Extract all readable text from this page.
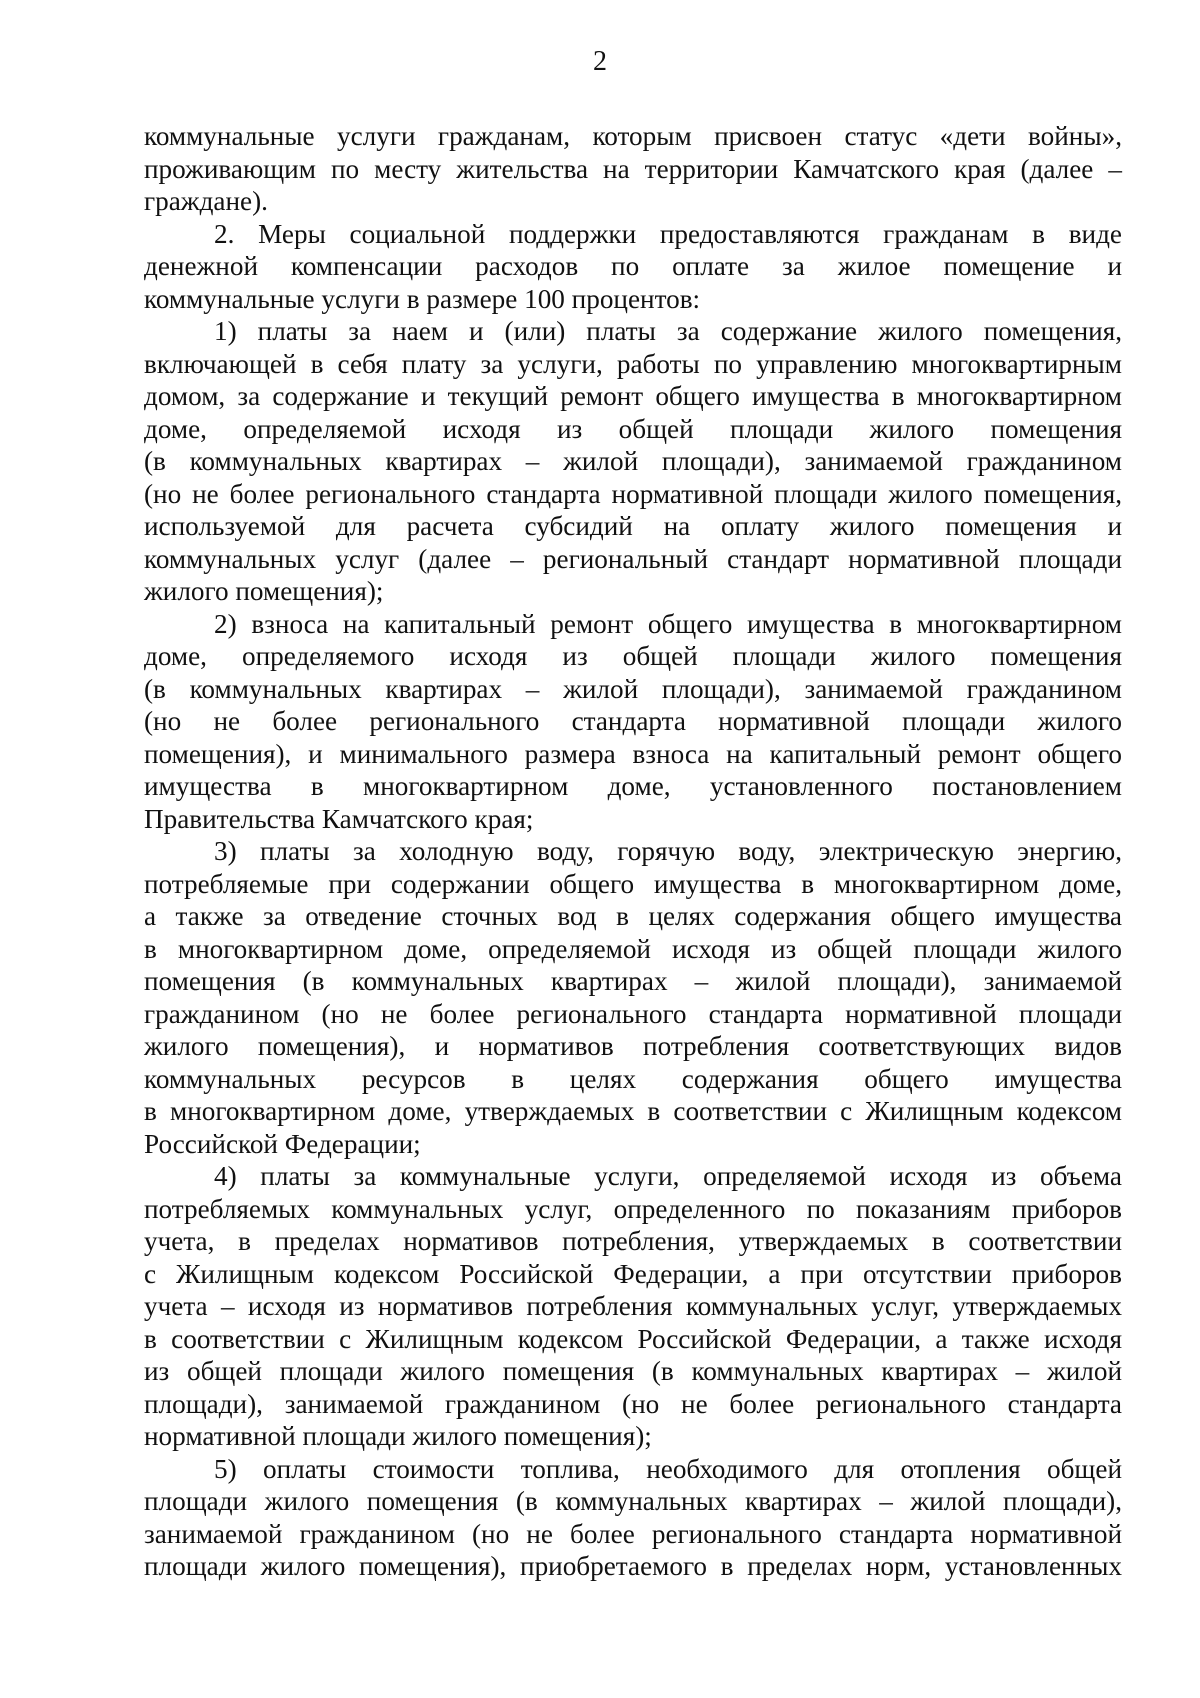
2

коммунальные услуги гражданам, которым присвоен статус «дети войны»,

проживающим по месту жительства на территории Камчатского края (далее –

граждане).

2. Меры социальной поддержки предоставляются гражданам в виде

денежной компенсации расходов по оплате за жилое помещение и

коммунальные услуги в размере 100 процентов:

1) платы за наем и (или) платы за содержание жилого помещения,

включающей в себя плату за услуги, работы по управлению многоквартирным

домом, за содержание и текущий ремонт общего имущества в многоквартирном

доме, определяемой исходя из общей площади жилого помещения

(в коммунальных квартирах – жилой площади), занимаемой гражданином

(но не более регионального стандарта нормативной площади жилого помещения,

используемой для расчета субсидий на оплату жилого помещения и

коммунальных услуг (далее – региональный стандарт нормативной площади

жилого помещения);

2) взноса на капитальный ремонт общего имущества в многоквартирном

доме, определяемого исходя из общей площади жилого помещения

(в коммунальных квартирах – жилой площади), занимаемой гражданином

(но не более регионального стандарта нормативной площади жилого

помещения), и минимального размера взноса на капитальный ремонт общего

имущества в многоквартирном доме, установленного постановлением

Правительства Камчатского края;

3) платы за холодную воду, горячую воду, электрическую энергию,

потребляемые при содержании общего имущества в многоквартирном доме,

а также за отведение сточных вод в целях содержания общего имущества

в многоквартирном доме, определяемой исходя из общей площади жилого

помещения (в коммунальных квартирах – жилой площади), занимаемой

гражданином (но не более регионального стандарта нормативной площади

жилого помещения), и нормативов потребления соответствующих видов

коммунальных ресурсов в целях содержания общего имущества

в многоквартирном доме, утверждаемых в соответствии с Жилищным кодексом

Российской Федерации;

4) платы за коммунальные услуги, определяемой исходя из объема

потребляемых коммунальных услуг, определенного по показаниям приборов

учета, в пределах нормативов потребления, утверждаемых в соответствии

с Жилищным кодексом Российской Федерации, а при отсутствии приборов

учета – исходя из нормативов потребления коммунальных услуг, утверждаемых

в соответствии с Жилищным кодексом Российской Федерации, а также исходя

из общей площади жилого помещения (в коммунальных квартирах – жилой

площади), занимаемой гражданином (но не более регионального стандарта

нормативной площади жилого помещения);

5) оплаты стоимости топлива, необходимого для отопления общей

площади жилого помещения (в коммунальных квартирах – жилой площади),

занимаемой гражданином (но не более регионального стандарта нормативной

площади жилого помещения), приобретаемого в пределах норм, установленных
